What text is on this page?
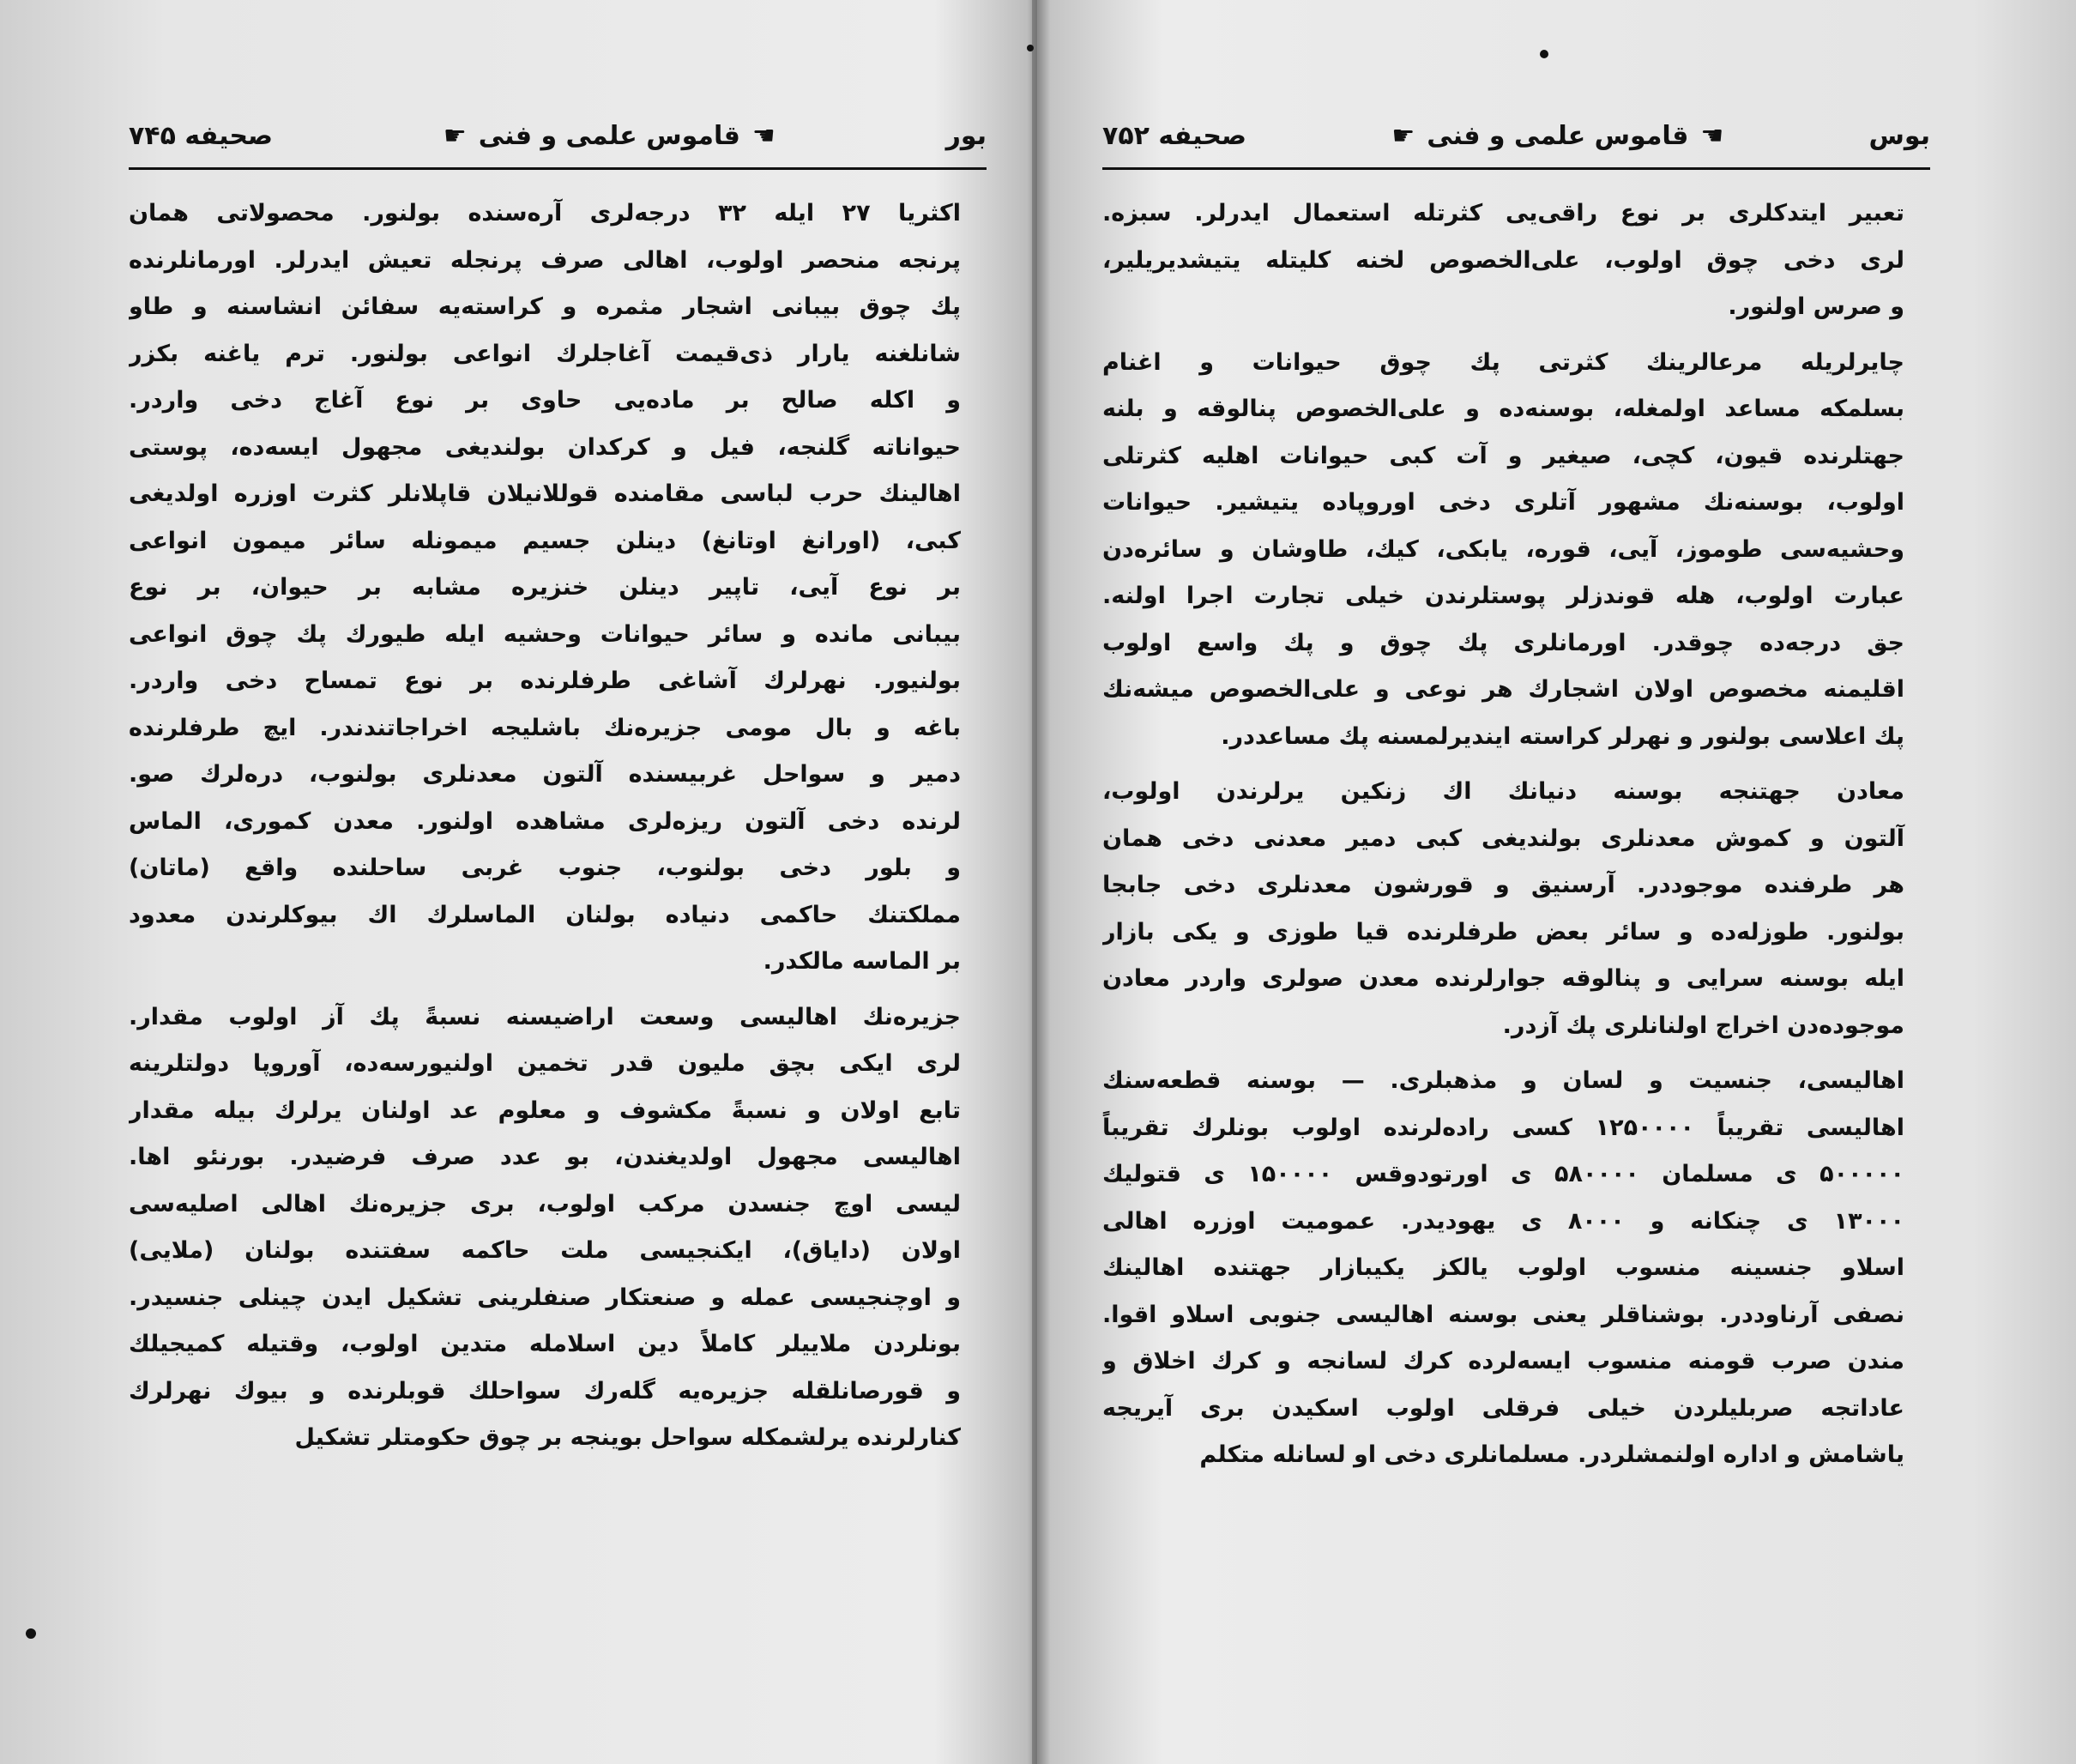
بور
☚
قاموس علمی و فنی
☛
صحیفه ۷۴۵

اکثریا ۲۷ ایله ۳۲ درجه‌لری آره‌سنده بولنور. محصولاتی همان
پرنجه منحصر اولوب، اهالی صرف پرنجله تعیش ایدرلر. اورمانلرنده
پك چوق بیبانی اشجار مثمره و کراسته‌یه سفائن انشاسنه و طاو
شانلغنه یارار ذی‌قیمت آغاجلرك انواعی بولنور. ترم یاغنه بکزر
و اکله صالح بر ماده‌یی حاوی بر نوع آغاج دخی واردر.
حیواناته گلنجه، فیل و کرکدان بولندیغی مجهول ایسه‌ده، پوستی
اهالینك حرب لباسی مقامنده قوللانیلان قاپلانلر کثرت اوزره اولدیغی
کبی، (اورانغ اوتانغ) دینلن جسیم میمونله سائر میمون انواعی
بر نوع آیی، تاپیر دینلن خنزیره مشابه بر حیوان، بر نوع
بیبانی مانده و سائر حیوانات وحشیه ایله طیورك پك چوق انواعی
بولنیور. نهرلرك آشاغی طرفلرنده بر نوع تمساح دخی واردر.
باغه و بال مومی جزیره‌نك باشلیجه اخراجاتندندر. ایچ طرفلرنده
دمیر و سواحل غربیسنده آلتون معدنلری بولنوب، دره‌لرك صو.
لرنده دخی آلتون ریزه‌لری مشاهده اولنور. معدن کموری، الماس
و بلور دخی بولنوب، جنوب غربی ساحلنده واقع (ماتان)
مملکتنك حاکمی دنیاده بولنان الماسلرك اك بیوکلرندن معدود
بر الماسه مالکدر.

جزیره‌نك اهالیسی وسعت اراضیسنه نسبةً پك آز اولوب مقدار.
لری ایکی بچق ملیون قدر تخمین اولنیورسه‌ده، آوروپا دولتلرینه
تابع اولان و نسبةً مکشوف و معلوم عد اولنان یرلرك بیله مقدار
اهالیسی مجهول اولدیغندن، بو عدد صرف فرضیدر. بورنئو اها.
لیسی اوچ جنسدن مرکب اولوب، بری جزیره‌نك اهالی اصلیه‌سی
اولان (دایاق)، ایکنجیسی ملت حاکمه سفتنده بولنان (ملایی)
و اوچنجیسی عمله و صنعتکار صنفلرینی تشکیل ایدن چینلی جنسیدر.
بونلردن ملاییلر کاملاً دین اسلامله متدین اولوب، وقتیله کمیجیلك
و قورصانلقله جزیره‌یه گله‌رك سواحلك قوبلرنده و بیوك نهرلرك
کنارلرنده یرلشمکله سواحل بوینجه بر چوق حکومتلر تشکیل

بوس
☚
قاموس علمی و فنی
☛
صحیفه ۷۵۲

تعبیر ایتدکلری بر نوع راقی‌یی کثرتله استعمال ایدرلر. سبزه.
لری دخی چوق اولوب، علی‌الخصوص لخنه کلیتله یتیشدیریلیر،
و صرس اولنور.

چایرلریله مرعالرینك کثرتی پك چوق حیوانات و اغنام
بسلمکه مساعد اولمغله، بوسنه‌ده و علی‌الخصوص پنالوقه و بلنه
جهتلرنده قیون، کچی، صیغیر و آت کبی حیوانات اهلیه کثرتلی
اولوب، بوسنه‌نك مشهور آتلری دخی اوروپاده یتیشیر. حیوانات
وحشیه‌سی طوموز، آیی، قوره، یابکی، کیك، طاوشان و سائره‌دن
عبارت اولوب، هله قوندزلر پوستلرندن خیلی تجارت اجرا اولنه.
جق درجه‌ده چوقدر. اورمانلری پك چوق و پك واسع اولوب
اقلیمنه مخصوص اولان اشجارك هر نوعی و علی‌الخصوص میشه‌نك
پك اعلاسی بولنور و نهرلر کراسته ایندیرلمسنه پك مساعددر.

معادن جهتنجه بوسنه دنیانك اك زنکین یرلرندن اولوب،
آلتون و کموش معدنلری بولندیغی کبی دمیر معدنی دخی همان
هر طرفنده موجوددر. آرسنیق و قورشون معدنلری دخی جابجا
بولنور. طوزله‌ده و سائر بعض طرفلرنده قیا طوزی و یکی بازار
ایله بوسنه سرایی و پنالوقه جوارلرنده معدن صولری واردر معادن
موجوده‌دن اخراج اولنانلری پك آزدر.

اهالیسی، جنسیت و لسان و مذهبلری. — بوسنه قطعه‌سنك
اهالیسی تقریباً ۱۲۵۰۰۰۰ کسی راده‌لرنده اولوب بونلرك تقریباً
۵۰۰۰۰۰ ی مسلمان ۵۸۰۰۰۰ ی اورتودوقس ۱۵۰۰۰۰ ی قتولیك
۱۳۰۰۰ ی چنکانه و ۸۰۰۰ ی یهودیدر. عمومیت اوزره اهالی
اسلاو جنسینه منسوب اولوب یالکز یکیبازار جهتنده اهالینك
نصفی آرناوددر. بوشناقلر یعنی بوسنه اهالیسی جنوبی اسلاو اقوا.
مندن صرب قومنه منسوب ایسه‌لرده کرك لسانجه و کرك اخلاق و
عاداتجه صربلیلردن خیلی فرقلی اولوب اسکیدن بری آیریجه
یاشامش و اداره اولنمشلردر. مسلمانلری دخی او لسانله متکلم
